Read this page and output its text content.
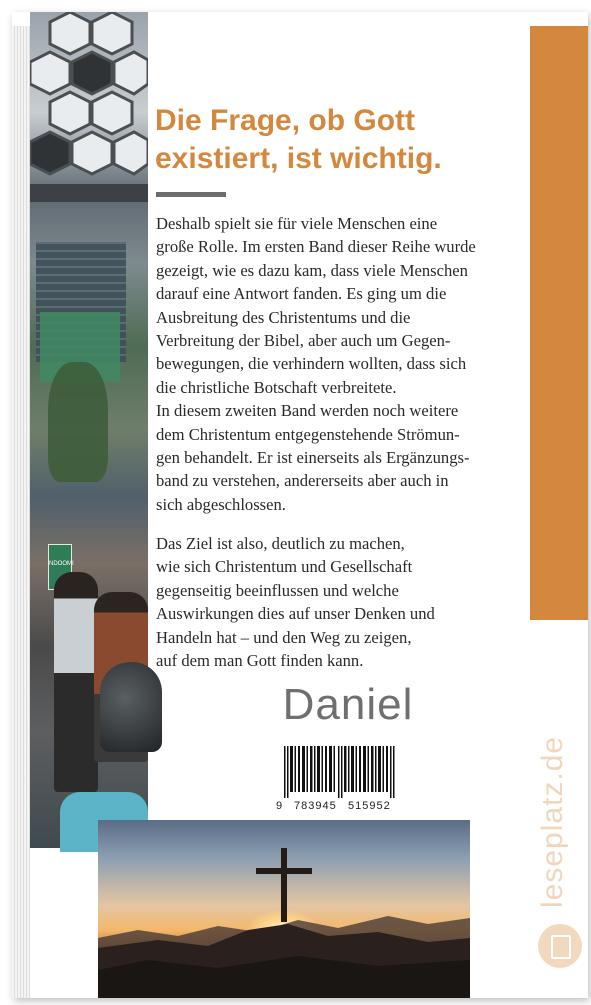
NDOOMI
Die Frage, ob Gott
existiert, ist wichtig.
Deshalb spielt sie für viele Menschen eine
große Rolle. Im ersten Band dieser Reihe wurde
gezeigt, wie es dazu kam, dass viele Menschen
darauf eine Antwort fanden. Es ging um die
Ausbreitung des Christentums und die
Verbreitung der Bibel, aber auch um Gegen-
bewegungen, die verhindern wollten, dass sich
die christliche Botschaft verbreitete.
In diesem zweiten Band werden noch weitere
dem Christentum entgegenstehende Strömun-
gen behandelt. Er ist einerseits als Ergänzungs-
band zu verstehen, andererseits aber auch in
sich abgeschlossen.
Das Ziel ist also, deutlich zu machen,
wie sich Christentum und Gesellschaft
gegenseitig beeinflussen und welche
Auswirkungen dies auf unser Denken und
Handeln hat – und den Weg zu zeigen,
auf dem man Gott finden kann.
Daniel
9 783945 515952	leseplatz.de
